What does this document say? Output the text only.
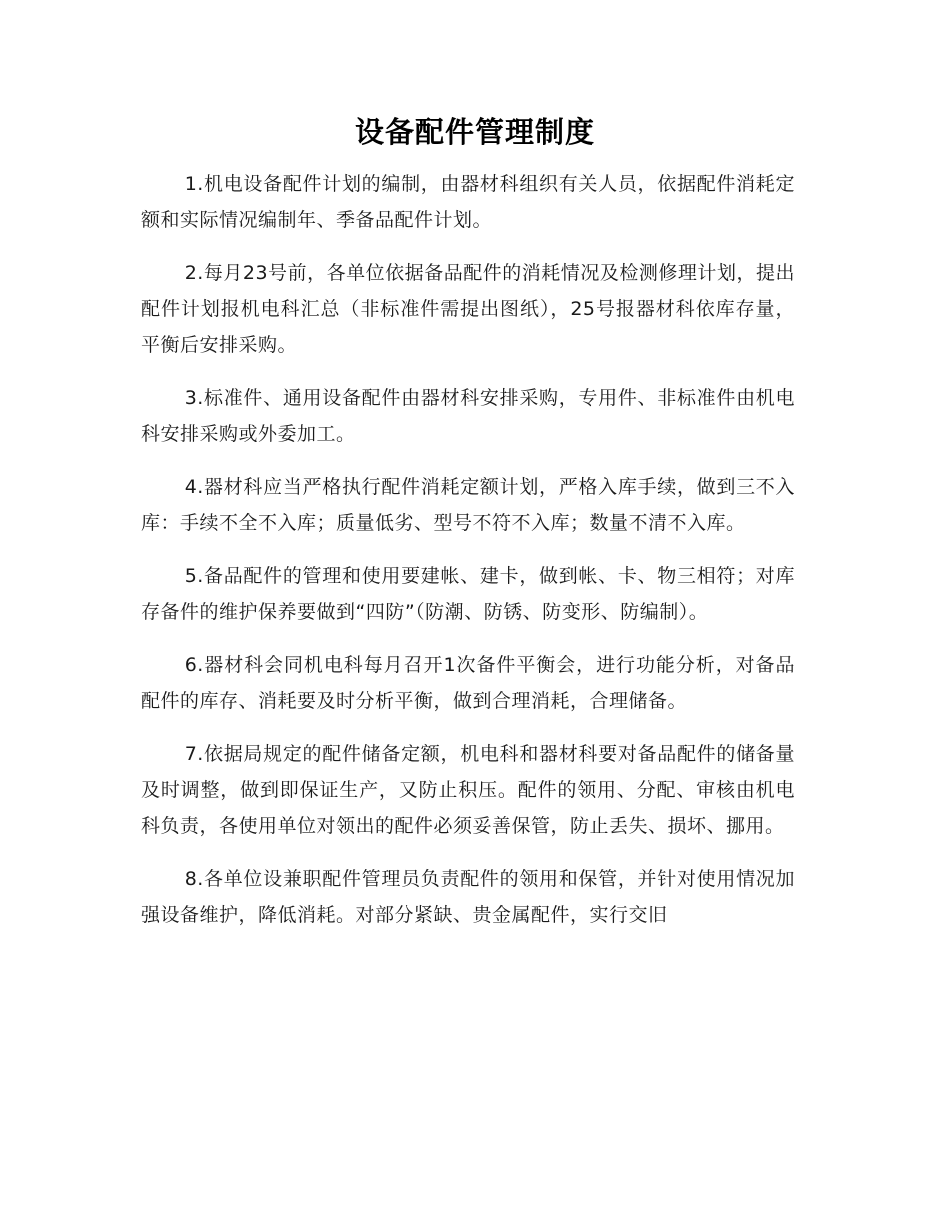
设备配件管理制度

1.机电设备配件计划的编制，由器材科组织有关人员，依据配件消耗定额和实际情况编制年、季备品配件计划。

2.每月23号前，各单位依据备品配件的消耗情况及检测修理计划，提出配件计划报机电科汇总（非标准件需提出图纸），25号报器材科依库存量，平衡后安排采购。

3.标准件、通用设备配件由器材科安排采购，专用件、非标准件由机电科安排采购或外委加工。

4.器材科应当严格执行配件消耗定额计划，严格入库手续，做到三不入库：手续不全不入库；质量低劣、型号不符不入库；数量不清不入库。

5.备品配件的管理和使用要建帐、建卡，做到帐、卡、物三相符；对库存备件的维护保养要做到“四防”（防潮、防锈、防变形、防编制）。

6.器材科会同机电科每月召开1次备件平衡会，进行功能分析，对备品配件的库存、消耗要及时分析平衡，做到合理消耗，合理储备。

7.依据局规定的配件储备定额，机电科和器材科要对备品配件的储备量及时调整，做到即保证生产，又防止积压。配件的领用、分配、审核由机电科负责，各使用单位对领出的配件必须妥善保管，防止丢失、损坏、挪用。

8.各单位设兼职配件管理员负责配件的领用和保管，并针对使用情况加强设备维护，降低消耗。对部分紧缺、贵金属配件，实行交旧
